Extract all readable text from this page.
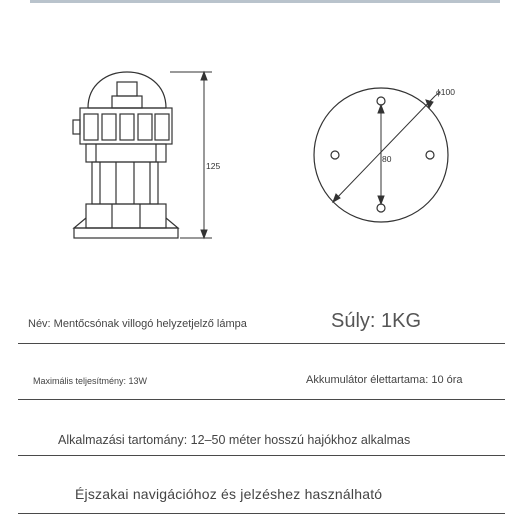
125
80
ϕ100
Név: Mentőcsónak villogó helyzetjelző lámpa	Súly: 1KG
Maximális teljesítmény: 13W	Akkumulátor élettartama: 10 óra
Alkalmazási tartomány: 12–50 méter hosszú hajókhoz alkalmas
Éjszakai navigációhoz és jelzéshez használható
